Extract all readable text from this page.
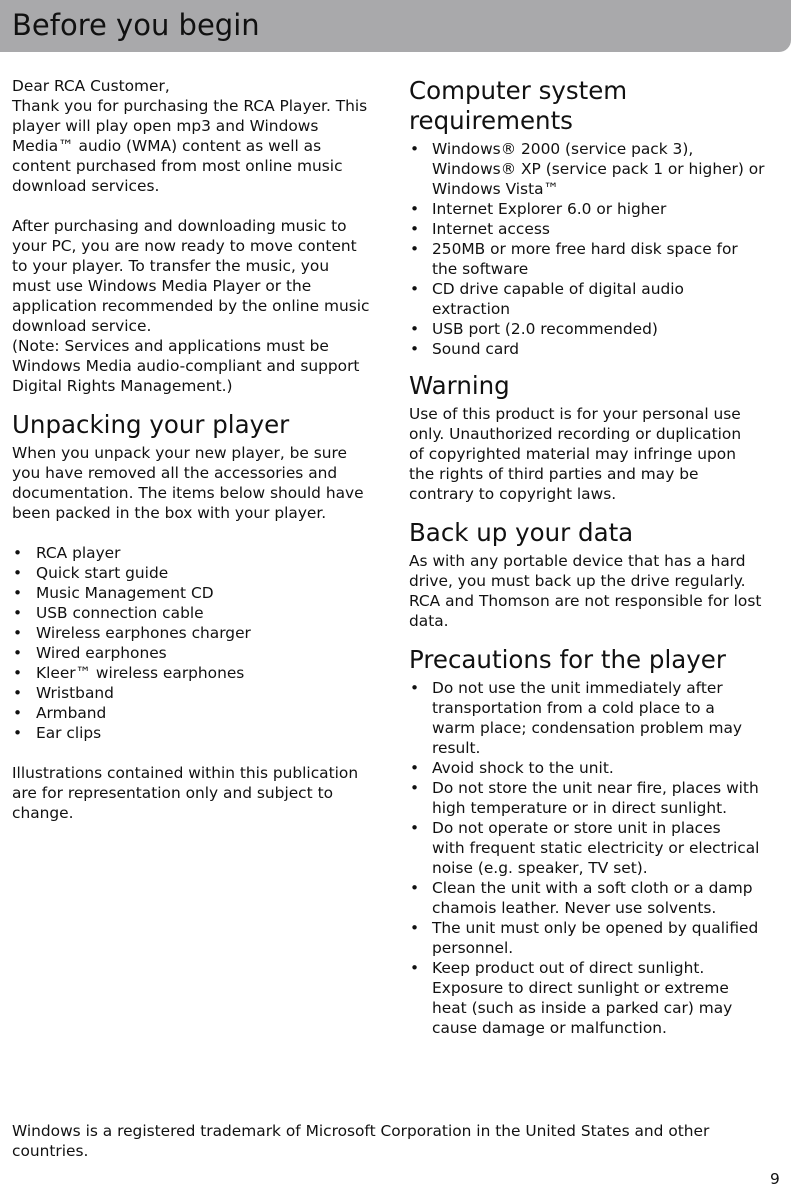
Before you begin

Dear RCA Customer,
Thank you for purchasing the RCA Player. This
player will play open mp3 and Windows
Media™ audio (WMA) content as well as
content purchased from most online music
download services.

After purchasing and downloading music to
your PC, you are now ready to move content
to your player. To transfer the music, you
must use Windows Media Player or the
application recommended by the online music
download service.
(Note: Services and applications must be
Windows Media audio-compliant and support
Digital Rights Management.)

Unpacking your player

When you unpack your new player, be sure
you have removed all the accessories and
documentation. The items below should have
been packed in the box with your player.

• RCA player
• Quick start guide
• Music Management CD
• USB connection cable
• Wireless earphones charger
• Wired earphones
• Kleer™ wireless earphones
• Wristband
• Armband
• Ear clips

Illustrations contained within this publication
are for representation only and subject to
change.

Computer system requirements
• Windows® 2000 (service pack 3),
Windows® XP (service pack 1 or higher) or
Windows Vista™
• Internet Explorer 6.0 or higher
• Internet access
• 250MB or more free hard disk space for
the software
• CD drive capable of digital audio
extraction
• USB port (2.0 recommended)
• Sound card
Warning

Use of this product is for your personal use
only. Unauthorized recording or duplication
of copyrighted material may infringe upon
the rights of third parties and may be
contrary to copyright laws.

Back up your data

As with any portable device that has a hard
drive, you must back up the drive regularly.
RCA and Thomson are not responsible for lost
data.

Precautions for the player
• Do not use the unit immediately after
transportation from a cold place to a
warm place; condensation problem may
result.
• Avoid shock to the unit.
• Do not store the unit near fire, places with
high temperature or in direct sunlight.
• Do not operate or store unit in places
with frequent static electricity or electrical
noise (e.g. speaker, TV set).
• Clean the unit with a soft cloth or a damp
chamois leather. Never use solvents.
• The unit must only be opened by qualified
personnel.
• Keep product out of direct sunlight.
Exposure to direct sunlight or extreme
heat (such as inside a parked car) may
cause damage or malfunction.

Windows is a registered trademark of Microsoft Corporation in the United States and other
countries.

9
